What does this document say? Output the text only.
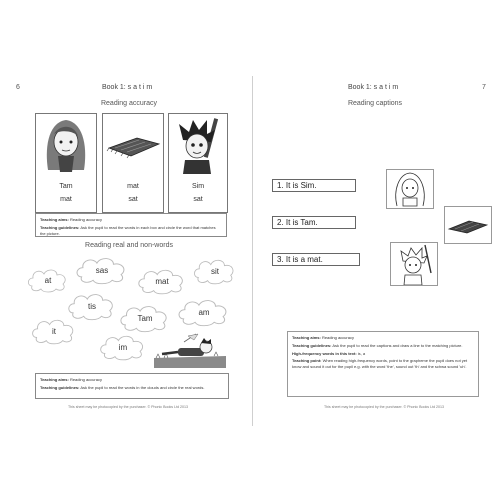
6	Book 1: s a t i m
Reading accuracy
Tam
mat
mat
sat
Sim
sat

Teaching aims: Reading accuracy

Teaching guidelines: Ask the pupil to read the words in each box and circle the word that matches the picture.

Reading real and non-words
at
sas
mat
sit
tis
Tam
am
it
im

Teaching aims: Reading accuracy

Teaching guidelines: Ask the pupil to read the words in the clouds and circle the real words.

This sheet may be photocopied by the purchaser. © Phonic Books Ltd 2013
7
Book 1: s a t i m
Reading captions
1. It is Sim.
2. It is Tam.
3. It is a mat.

Teaching aims: Reading accuracy

Teaching guidelines: Ask the pupil to read the captions and draw a line to the matching picture.

High-frequency words in this text: is, a

Teaching point: When reading high-frequency words, point to the grapheme the pupil does not yet know and sound it out for the pupil e.g. with the word 'the', sound out 'th' and the schwa sound 'uh'.

This sheet may be photocopied by the purchaser. © Phonic Books Ltd 2013
